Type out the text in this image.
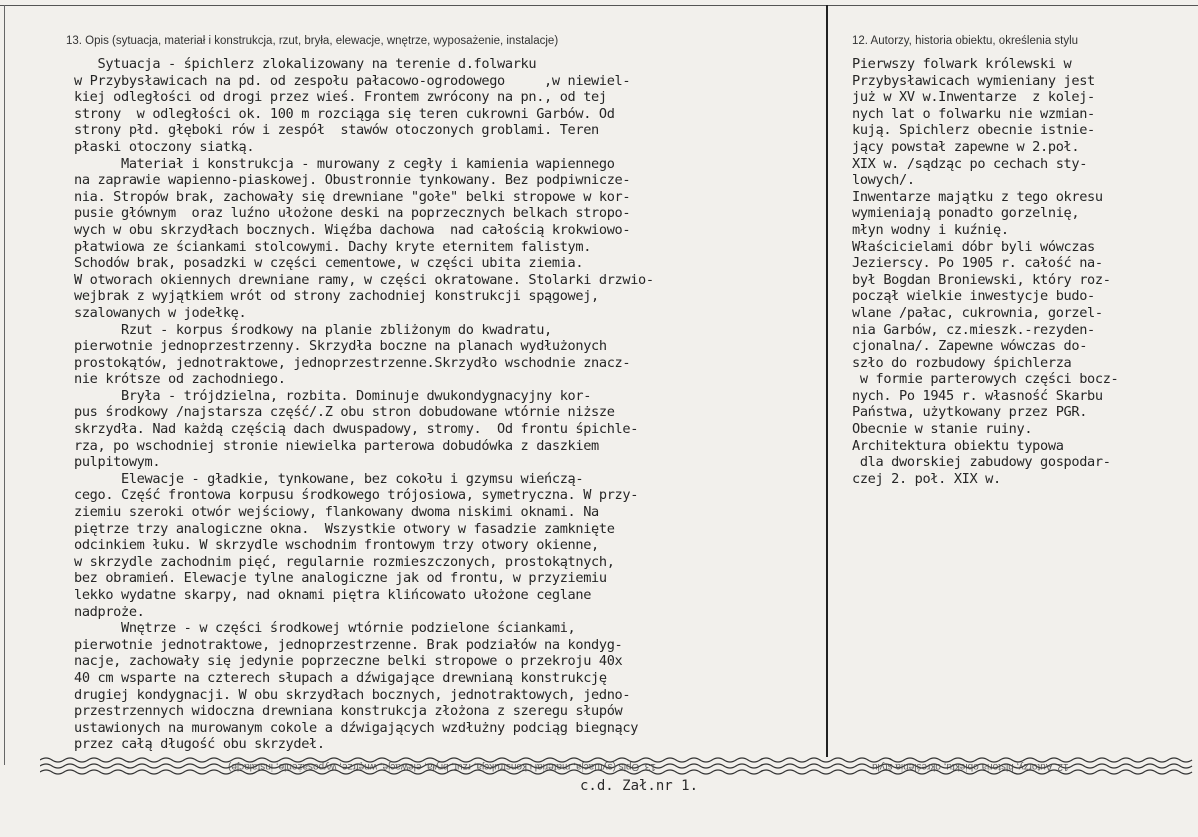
13. Opis (sytuacja, materiał i konstrukcja, rzut, bryła, elewacje, wnętrze, wyposażenie, instalacje)	12. Autorzy, historia obiektu, określenia stylu
Sytuacja - śpichlerz zlokalizowany na terenie d.folwarku
w Przybysławicach na pd. od zespołu pałacowo-ogrodowego     ,w niewiel-
kiej odległości od drogi przez wieś. Frontem zwrócony na pn., od tej
strony  w odległości ok. 100 m rozciąga się teren cukrowni Garbów. Od
strony płd. głęboki rów i zespół  stawów otoczonych groblami. Teren
płaski otoczony siatką.
Materiał i konstrukcja - murowany z cegły i kamienia wapiennego
na zaprawie wapienno-piaskowej. Obustronnie tynkowany. Bez podpiwnicze-
nia. Stropów brak, zachowały się drewniane "gołe" belki stropowe w kor-
pusie głównym  oraz luźno ułożone deski na poprzecznych belkach stropo-
wych w obu skrzydłach bocznych. Więźba dachowa  nad całością krokwiowo-
płatwiowa ze ściankami stolcowymi. Dachy kryte eternitem falistym.
Schodów brak, posadzki w części cementowe, w części ubita ziemia.
W otworach okiennych drewniane ramy, w części okratowane. Stolarki drzwio-
wejbrak z wyjątkiem wrót od strony zachodniej konstrukcji spągowej,
szalowanych w jodełkę.
Rzut - korpus środkowy na planie zbliżonym do kwadratu,
pierwotnie jednoprzestrzenny. Skrzydła boczne na planach wydłużonych
prostokątów, jednotraktowe, jednoprzestrzenne.Skrzydło wschodnie znacz-
nie krótsze od zachodniego.
Bryła - trójdzielna, rozbita. Dominuje dwukondygnacyjny kor-
pus środkowy /najstarsza część/.Z obu stron dobudowane wtórnie niższe
skrzydła. Nad każdą częścią dach dwuspadowy, stromy.  Od frontu śpichle-
rza, po wschodniej stronie niewielka parterowa dobudówka z daszkiem
pulpitowym.
Elewacje - gładkie, tynkowane, bez cokołu i gzymsu wieńczą-
cego. Część frontowa korpusu środkowego trójosiowa, symetryczna. W przy-
ziemiu szeroki otwór wejściowy, flankowany dwoma niskimi oknami. Na
piętrze trzy analogiczne okna.  Wszystkie otwory w fasadzie zamknięte
odcinkiem łuku. W skrzydle wschodnim frontowym trzy otwory okienne,
w skrzydle zachodnim pięć, regularnie rozmieszczonych, prostokątnych,
bez obramień. Elewacje tylne analogiczne jak od frontu, w przyziemiu
lekko wydatne skarpy, nad oknami piętra klińcowato ułożone ceglane
nadproże.
Wnętrze - w części środkowej wtórnie podzielone ściankami,
pierwotnie jednotraktowe, jednoprzestrzenne. Brak podziałów na kondyg-
nacje, zachowały się jedynie poprzeczne belki stropowe o przekroju 40x
40 cm wsparte na czterech słupach a dźwigające drewnianą konstrukcję
drugiej kondygnacji. W obu skrzydłach bocznych, jednotraktowych, jedno-
przestrzennych widoczna drewniana konstrukcja złożona z szeregu słupów
ustawionych na murowanym cokole a dźwigających wzdłużny podciąg biegnący
przez całą długość obu skrzydeł.
Pierwszy folwark królewski w
Przybysławicach wymieniany jest
już w XV w.Inwentarze  z kolej-
nych lat o folwarku nie wzmian-
kują. Spichlerz obecnie istnie-
jący powstał zapewne w 2.poł.
XIX w. /sądząc po cechach sty-
lowych/.
Inwentarze majątku z tego okresu
wymieniają ponadto gorzelnię,
młyn wodny i kuźnię.
Właścicielami dóbr byli wówczas
Jezierscy. Po 1905 r. całość na-
był Bogdan Broniewski, który roz-
począł wielkie inwestycje budo-
wlane /pałac, cukrownia, gorzel-
nia Garbów, cz.mieszk.-rezyden-
cjonalna/. Zapewne wówczas do-
szło do rozbudowy śpichlerza
w formie parterowych części bocz-
nych. Po 1945 r. własność Skarbu
Państwa, użytkowany przez PGR.
Obecnie w stanie ruiny.
Architektura obiektu typowa
dla dworskiej zabudowy gospodar-
czej 2. poł. XIX w.
13. Opis (sytuacja, materiał i konstrukcja, rzut, bryła, elewacje, wnętrze, wyposażenie, instalacje)	12. Autorzy, historia obiektu, określenia stylu
c.d. Zał.nr 1.
